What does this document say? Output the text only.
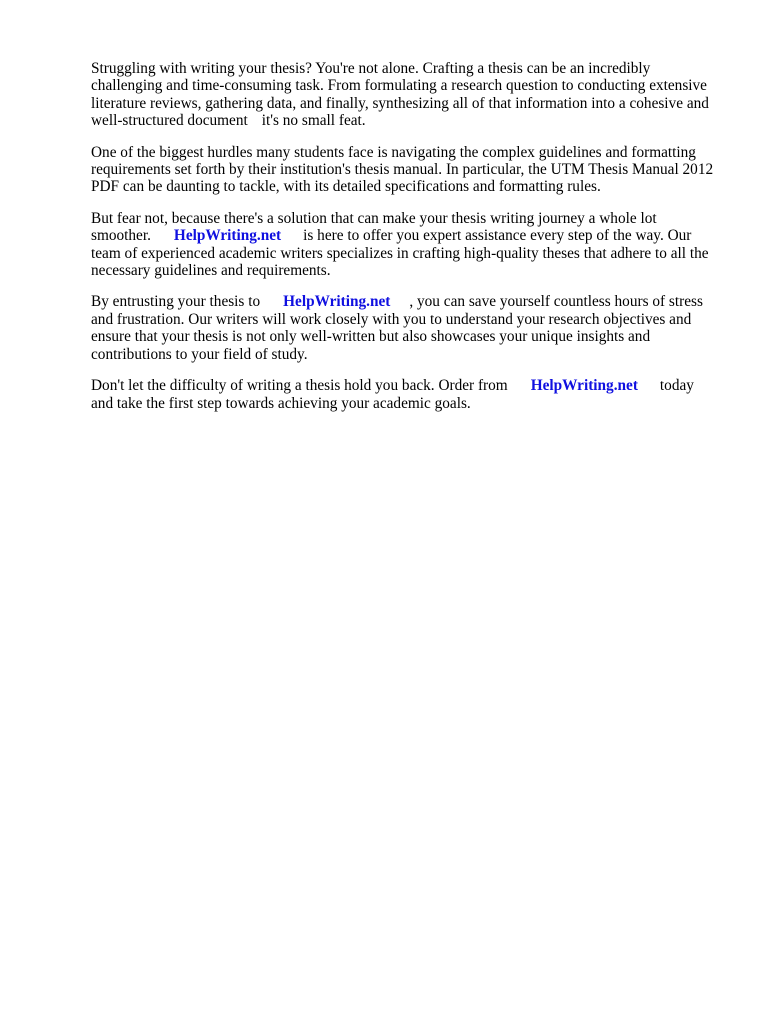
Struggling with writing your thesis? You're not alone. Crafting a thesis can be an incredibly
challenging and time-consuming task. From formulating a research question to conducting extensive
literature reviews, gathering data, and finally, synthesizing all of that information into a cohesive and
well-structured document it's no small feat.

One of the biggest hurdles many students face is navigating the complex guidelines and formatting
requirements set forth by their institution's thesis manual. In particular, the UTM Thesis Manual 2012
PDF can be daunting to tackle, with its detailed specifications and formatting rules.

But fear not, because there's a solution that can make your thesis writing journey a whole lot
smoother. HelpWriting.net is here to offer you expert assistance every step of the way. Our
team of experienced academic writers specializes in crafting high-quality theses that adhere to all the
necessary guidelines and requirements.

By entrusting your thesis to HelpWriting.net , you can save yourself countless hours of stress
and frustration. Our writers will work closely with you to understand your research objectives and
ensure that your thesis is not only well-written but also showcases your unique insights and
contributions to your field of study.

Don't let the difficulty of writing a thesis hold you back. Order from HelpWriting.net today
and take the first step towards achieving your academic goals.
